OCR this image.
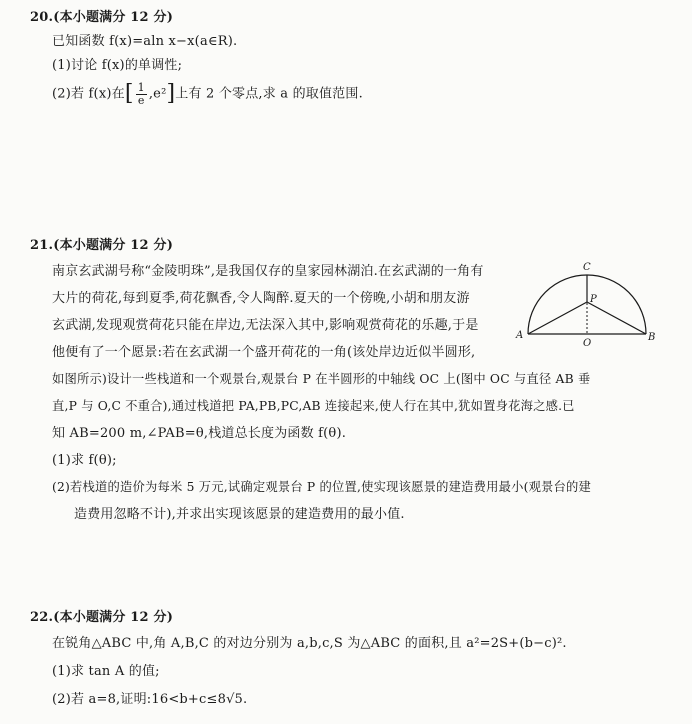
20.(本小题满分 12 分)
已知函数 f(x)=aln x−x(a∈R).
(1)讨论 f(x)的单调性;
(2)若 f(x)在[ $\frac{1}{e} ,e^2$]上有 2 个零点,求 a 的取值范围.
21.(本小题满分 12 分)
南京玄武湖号称“金陵明珠”,是我国仅存的皇家园林湖泊.在玄武湖的一角有
大片的荷花,每到夏季,荷花飘香,令人陶醉.夏天的一个傍晚,小胡和朋友游
玄武湖,发现观赏荷花只能在岸边,无法深入其中,影响观赏荷花的乐趣,于是
他便有了一个愿景:若在玄武湖一个盛开荷花的一角(该处岸边近似半圆形,
如图所示)设计一些栈道和一个观景台,观景台 P 在半圆形的中轴线 OC 上(图中 OC 与直径 AB 垂
直,P 与 O,C 不重合),通过栈道把 PA,PB,PC,AB 连接起来,使人行在其中,犹如置身花海之感.已
知 AB=200 m,∠PAB=θ,栈道总长度为函数 f(θ).
(1)求 f(θ);
(2)若栈道的造价为每米 5 万元,试确定观景台 P 的位置,使实现该愿景的建造费用最小(观景台的建
造费用忽略不计),并求出实现该愿景的建造费用的最小值.
C
P
A	B
O
22.(本小题满分 12 分)
在锐角△ABC 中,角 A,B,C 的对边分别为 a,b,c,S 为△ABC 的面积,且 a²=2S+(b−c)².
(1)求 tan A 的值;
(2)若 a=8,证明:16<b+c≤8√5.
